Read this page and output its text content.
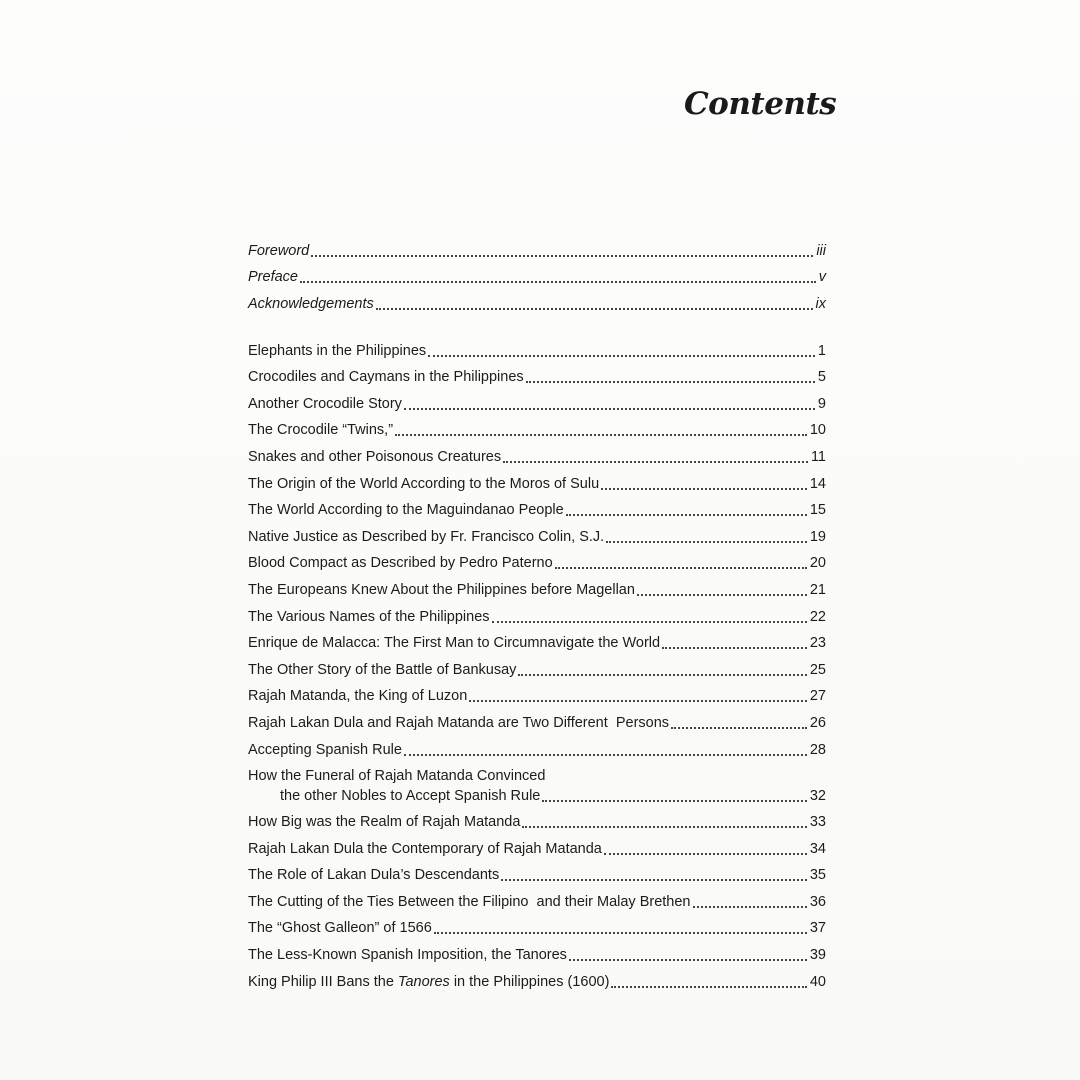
Contents
Foreword	iii
Preface	v
Acknowledgements	ix
Elephants in the Philippines	1
Crocodiles and Caymans in the Philippines	5
Another Crocodile Story	9
The Crocodile “Twins,”	10
Snakes and other Poisonous Creatures	11
The Origin of the World According to the Moros of Sulu	14
The World According to the Maguindanao People	15
Native Justice as Described by Fr. Francisco Colin, S.J.	19
Blood Compact as Described by Pedro Paterno	20
The Europeans Knew About the Philippines before Magellan	21
The Various Names of the Philippines	22
Enrique de Malacca: The First Man to Circumnavigate the World	23
The Other Story of the Battle of Bankusay	25
Rajah Matanda, the King of Luzon	27
Rajah Lakan Dula and Rajah Matanda are Two Different  Persons	26
Accepting Spanish Rule	28
How the Funeral of Rajah Matanda Convinced
the other Nobles to Accept Spanish Rule	32
How Big was the Realm of Rajah Matanda	33
Rajah Lakan Dula the Contemporary of Rajah Matanda	34
The Role of Lakan Dula’s Descendants	35
The Cutting of the Ties Between the Filipino  and their Malay Brethen	36
The “Ghost Galleon” of 1566	37
The Less-Known Spanish Imposition, the Tanores	39
King Philip III Bans the Tanores in the Philippines (1600)	40
